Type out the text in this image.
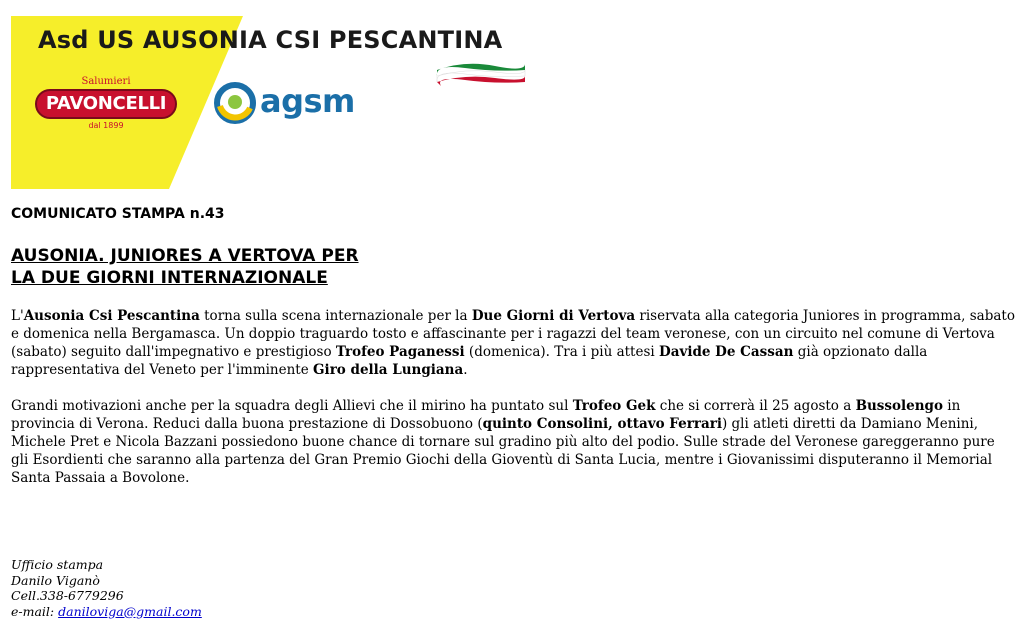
Asd US AUSONIA CSI PESCANTINA
Salumieri
PAVONCELLI
dal 1899
agsm
COMUNICATO STAMPA n.43
AUSONIA. JUNIORES A VERTOVA PER
LA DUE GIORNI INTERNAZIONALE

L'Ausonia Csi Pescantina torna sulla scena internazionale per la Due Giorni di Vertova riservata alla categoria Juniores in programma, sabato e domenica nella Bergamasca. Un doppio traguardo tosto e affascinante per i ragazzi del team veronese, con un circuito nel comune di Vertova (sabato) seguito dall'impegnativo e prestigioso Trofeo Paganessi (domenica). Tra i più attesi Davide De Cassan già opzionato dalla rappresentativa del Veneto per l'imminente Giro della Lungiana.

Grandi motivazioni anche per la squadra degli Allievi che il mirino ha puntato sul Trofeo Gek che si correrà il 25 agosto a Bussolengo in provincia di Verona. Reduci dalla buona prestazione di Dossobuono (quinto Consolini, ottavo Ferrari) gli atleti diretti da Damiano Menini, Michele Pret e Nicola Bazzani possiedono buone chance di tornare sul gradino più alto del podio. Sulle strade del Veronese gareggeranno pure gli Esordienti che saranno alla partenza del Gran Premio Giochi della Gioventù di Santa Lucia, mentre i Giovanissimi disputeranno il Memorial Santa Passaia a Bovolone.

Ufficio stampa
Danilo Viganò
Cell.338-6779296
e-mail: daniloviga@gmail.com
